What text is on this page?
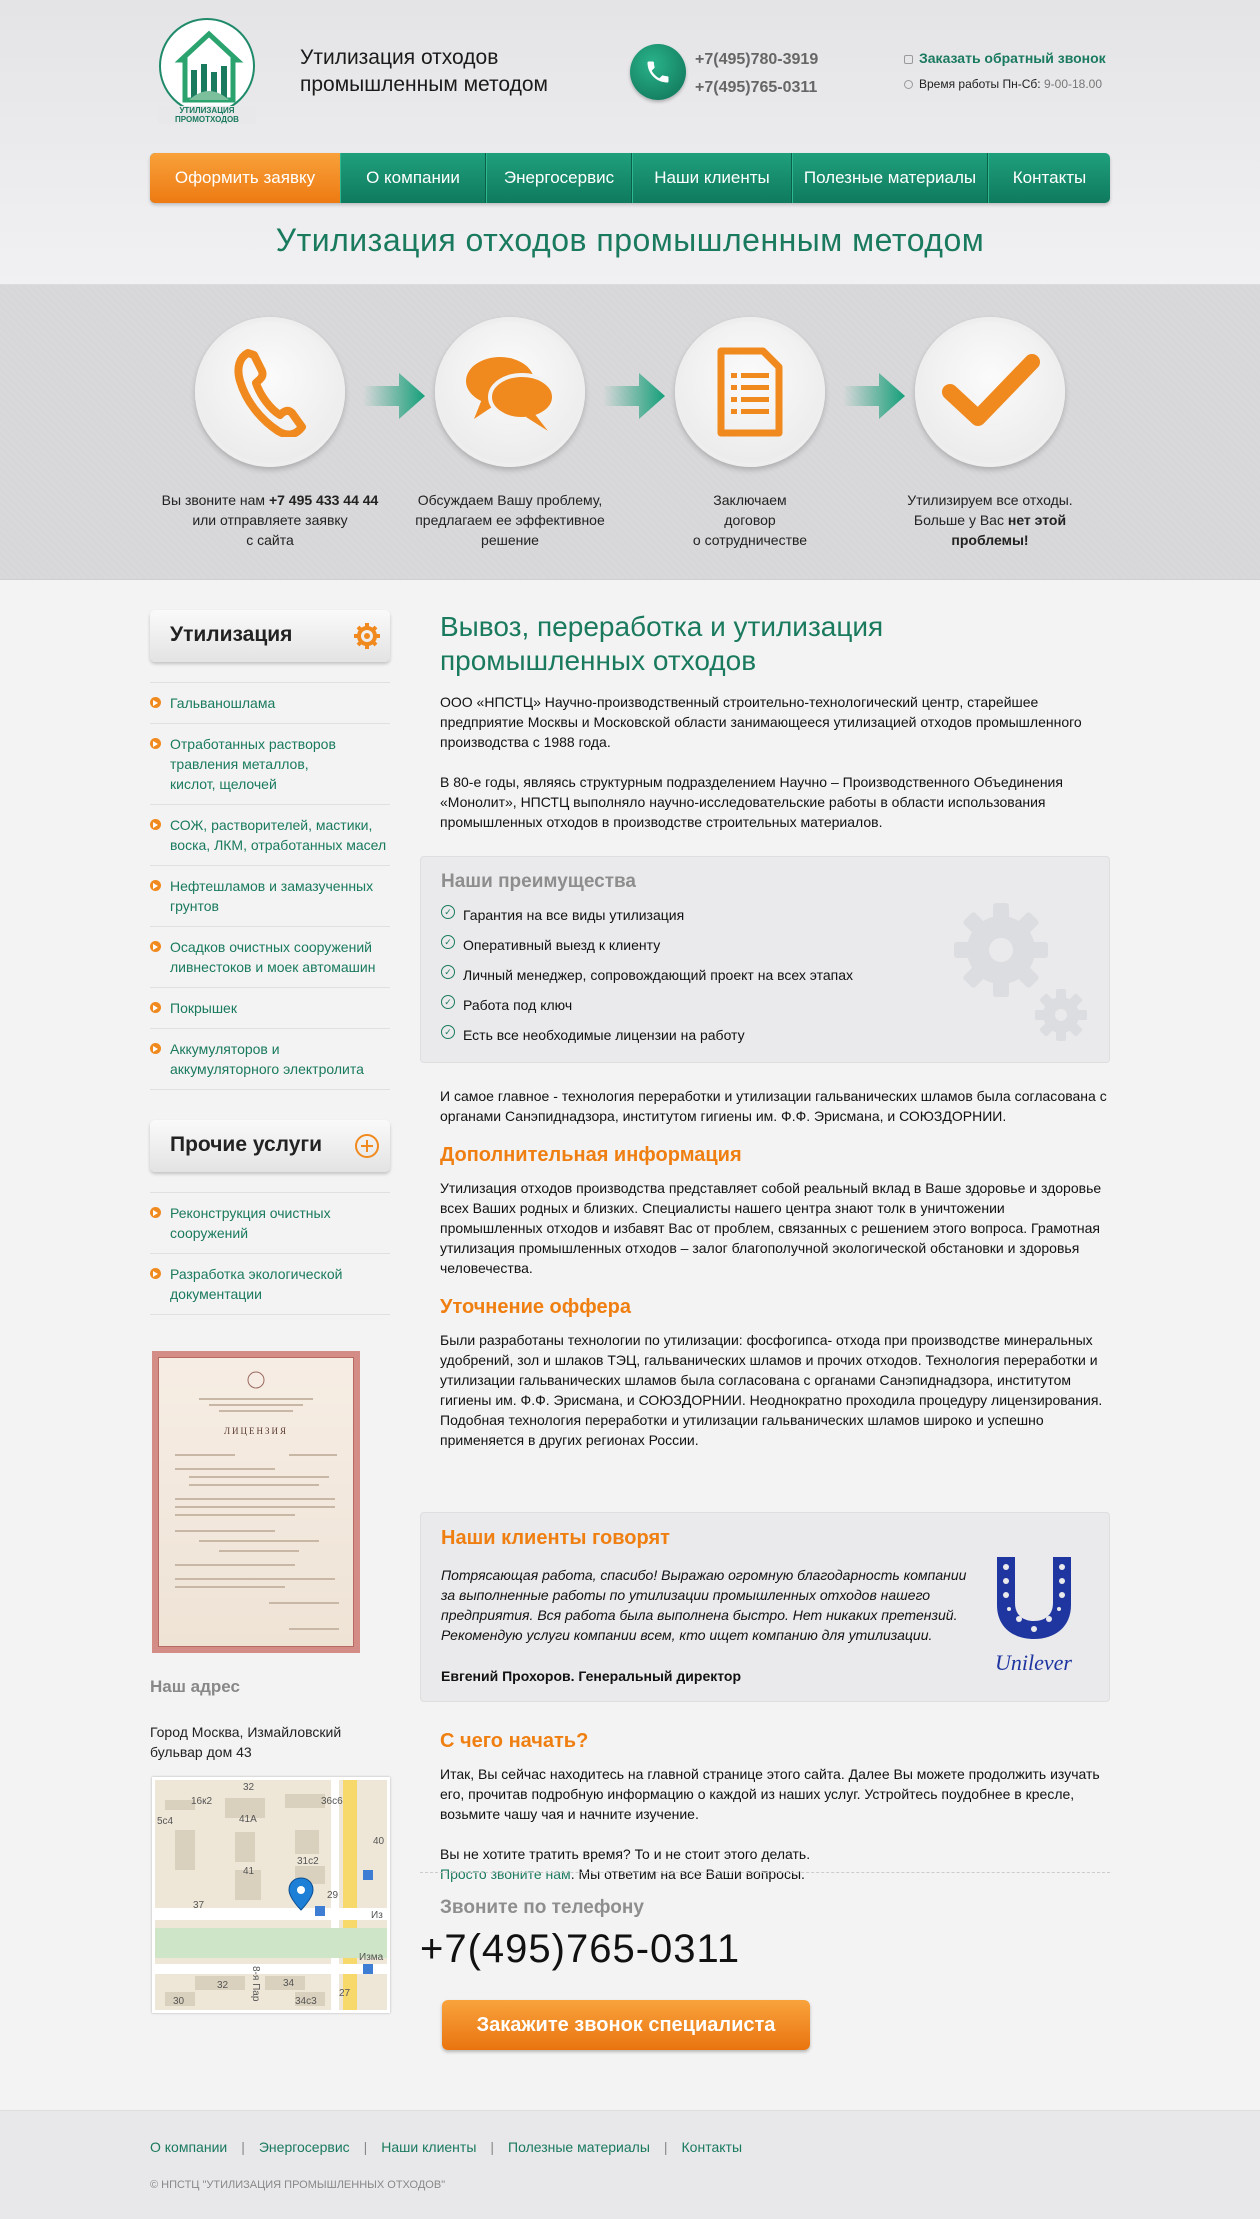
УТИЛИЗАЦИЯ
ПРОМОТХОДОВ
Утилизация отходов
промышленным методом
+7(495)780-3919
+7(495)765-0311
Заказать обратный звонок
Время работы Пн-Сб: 9-00-18.00
Оформить заявку	О компании	Энергосервис	Наши клиенты	Полезные материалы	Контакты
Утилизация отходов промышленным методом
Вы звоните нам +7 495 433 44 44
или отправляете заявку
с сайта
Обсуждаем Вашу проблему,
предлагаем ее эффективное
решение
Заключаем
договор
о сотрудничестве
Утилизируем все отходы.
Больше у Вас нет этой
проблемы!
Утилизация
Гальваношлама
Отработанных растворов травления металлов, кислот, щелочей
СОЖ, растворителей, мастики, воска, ЛКМ, отработанных масел
Нефтешламов и замазученных грунтов
Осадков очистных сооружений ливнестоков и моек автомашин
Покрышек
Аккумуляторов и аккумуляторного электролита
Прочие услуги
Реконструкция очистных сооружений
Разработка экологической документации
ЛИЦЕНЗИЯ
Наш адрес
Город Москва, Измайловский бульвар дом 43
32
16к2	36с6
5с4	41А
40
31с2
41
29
37
Из
Изма
32	34
8-я Пар
30	34с3
27
Вывоз, переработка и утилизация промышленных отходов
ООО «НПСТЦ» Научно-производственный строительно-технологический центр, старейшее предприятие Москвы и Московской области занимающееся утилизацией отходов промышленного производства с 1988 года.
В 80-е годы, являясь структурным подразделением Научно – Производственного Объединения «Монолит», НПСТЦ выполняло научно-исследовательские работы в области использования промышленных отходов в производстве строительных материалов.
Наши преимущества
✓ Гарантия на все виды утилизация
✓ Оперативный выезд к клиенту
✓ Личный менеджер, сопровождающий проект на всех этапах
✓ Работа под ключ
✓ Есть все необходимые лицензии на работу
И самое главное - технология переработки и утилизации гальванических шламов была согласована с органами Санэпиднадзора, институтом гигиены им. Ф.Ф. Эрисмана, и СОЮЗДОРНИИ.
Дополнительная информация
Утилизация отходов производства представляет собой реальный вклад в Ваше здоровье и здоровье всех Ваших родных и близких. Специалисты нашего центра знают толк в уничтожении промышленных отходов и избавят Вас от проблем, связанных с решением этого вопроса. Грамотная утилизация промышленных отходов – залог благополучной экологической обстановки и здоровья человечества.
Уточнение оффера
Были разработаны технологии по утилизации: фосфогипса- отхода при производстве минеральных удобрений, зол и шлаков ТЭЦ, гальванических шламов и прочих отходов. Технология переработки и утилизации гальванических шламов была согласована с органами Санэпиднадзора, институтом гигиены им. Ф.Ф. Эрисмана, и СОЮЗДОРНИИ. Неоднократно проходила процедуру лицензирования. Подобная технология переработки и утилизации гальванических шламов широко и успешно применяется в других регионах России.
Наши клиенты говорят
Потрясающая работа, спасибо! Выражаю огромную благодарность компании за выполненные работы по утилизации промышленных отходов нашего предприятия. Вся работа была выполнена быстро. Нет никаких претензий. Рекомендую услуги компании всем, кто ищет компанию для утилизации.
Евгений Прохоров. Генеральный директор
Unilever
С чего начать?
Итак, Вы сейчас находитесь на главной странице этого сайта. Далее Вы можете продолжить изучать его, прочитав подробную информацию о каждой из наших услуг. Устройтесь поудобнее в кресле, возьмите чашу чая и начните изучение.
Вы не хотите тратить время? То и не стоит этого делать.
Просто звоните нам. Мы ответим на все Ваши вопросы.
Звоните по телефону
+7(495)765-0311
Закажите звонок специалиста
О компании | Энергосервис | Наши клиенты | Полезные материалы | Контакты
© НПСТЦ "УТИЛИЗАЦИЯ ПРОМЫШЛЕННЫХ ОТХОДОВ"
